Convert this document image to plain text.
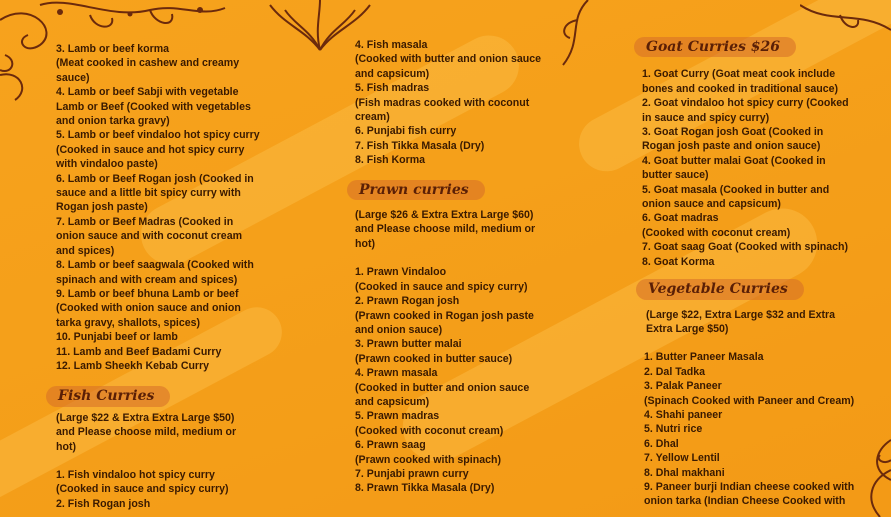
3. Lamb or beef korma
(Meat cooked in cashew and creamy
sauce)
4. Lamb or beef Sabji with vegetable
Lamb or Beef (Cooked with vegetables
and onion tarka gravy)
5. Lamb or beef vindaloo hot spicy curry
(Cooked in sauce and hot spicy curry
with vindaloo paste)
6. Lamb or Beef Rogan josh (Cooked in
sauce and a little bit spicy curry with
Rogan josh paste)
7. Lamb or Beef Madras (Cooked in
onion sauce and with coconut cream
and spices)
8. Lamb or beef saagwala (Cooked with
spinach and with cream and spices)
9. Lamb or beef bhuna Lamb or beef
(Cooked with onion sauce and onion
tarka gravy, shallots, spices)
10. Punjabi beef or lamb
11. Lamb and Beef Badami Curry
12. Lamb Sheekh Kebab Curry

Fish Curries

(Large $22 & Extra Extra Large $50)
and Please choose mild, medium or
hot)

1. Fish vindaloo hot spicy curry
(Cooked in sauce and spicy curry)
2. Fish Rogan josh

4. Fish masala
(Cooked with butter and onion sauce
and capsicum)
5. Fish madras
(Fish madras cooked with coconut
cream)
6. Punjabi fish curry
7. Fish Tikka Masala (Dry)
8. Fish Korma

Prawn curries

(Large $26 & Extra Extra Large $60)
and Please choose mild, medium or
hot)

1. Prawn Vindaloo
(Cooked in sauce and spicy curry)
2. Prawn Rogan josh
(Prawn cooked in Rogan josh paste
and onion sauce)
3. Prawn butter malai
(Prawn cooked in butter sauce)
4. Prawn masala
(Cooked in butter and onion sauce
and capsicum)
5. Prawn madras
(Cooked with coconut cream)
6. Prawn saag
(Prawn cooked with spinach)
7. Punjabi prawn curry
8. Prawn Tikka Masala (Dry)

Goat Curries $26

1. Goat Curry (Goat meat cook include
bones and cooked in traditional sauce)
2. Goat vindaloo hot spicy curry (Cooked
in sauce and spicy curry)
3. Goat Rogan josh Goat (Cooked in
Rogan josh paste and onion sauce)
4. Goat butter malai Goat (Cooked in
butter sauce)
5. Goat masala (Cooked in butter and
onion sauce and capsicum)
6. Goat madras
(Cooked with coconut cream)
7. Goat saag Goat (Cooked with spinach)
8. Goat Korma

Vegetable Curries

(Large $22, Extra Large $32 and Extra
Extra Large $50)

1. Butter Paneer Masala
2. Dal Tadka
3. Palak Paneer
(Spinach Cooked with Paneer and Cream)
4. Shahi paneer
5. Nutri rice
6. Dhal
7. Yellow Lentil
8. Dhal makhani
9. Paneer burji Indian cheese cooked with
onion tarka (Indian Cheese Cooked with
